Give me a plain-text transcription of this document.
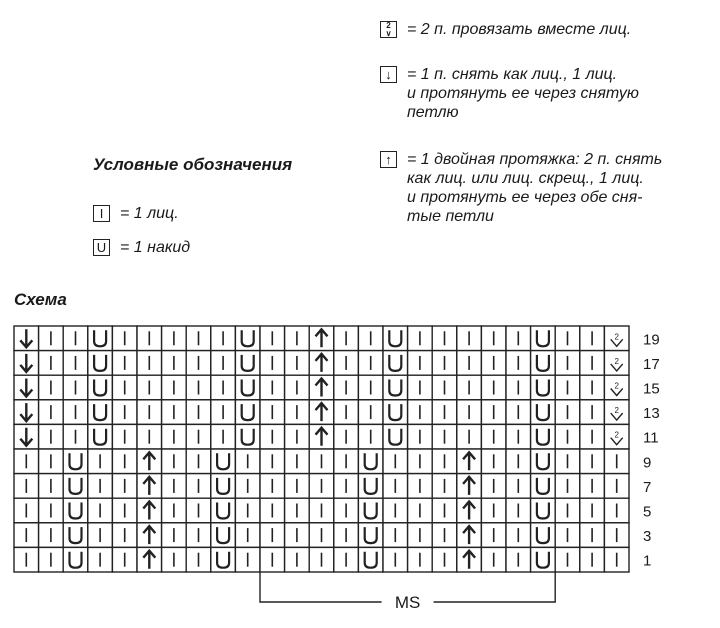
2
∨ = 2 п. провязать вместе лиц.
↓ = 1 п. снять как лиц., 1 лиц.
и протянуть ее через снятую
петлю
↑ = 1 двойная протяжка: 2 п. снять
как лиц. или лиц. скрещ., 1 лиц.
и протянуть ее через обе сня-
тые петли
Условные обозначения
I	= 1 лиц.
U = 1 накид
Схема
2
2
2
2
2
19
17
15
13
11
9
7
5
3
1
MS
